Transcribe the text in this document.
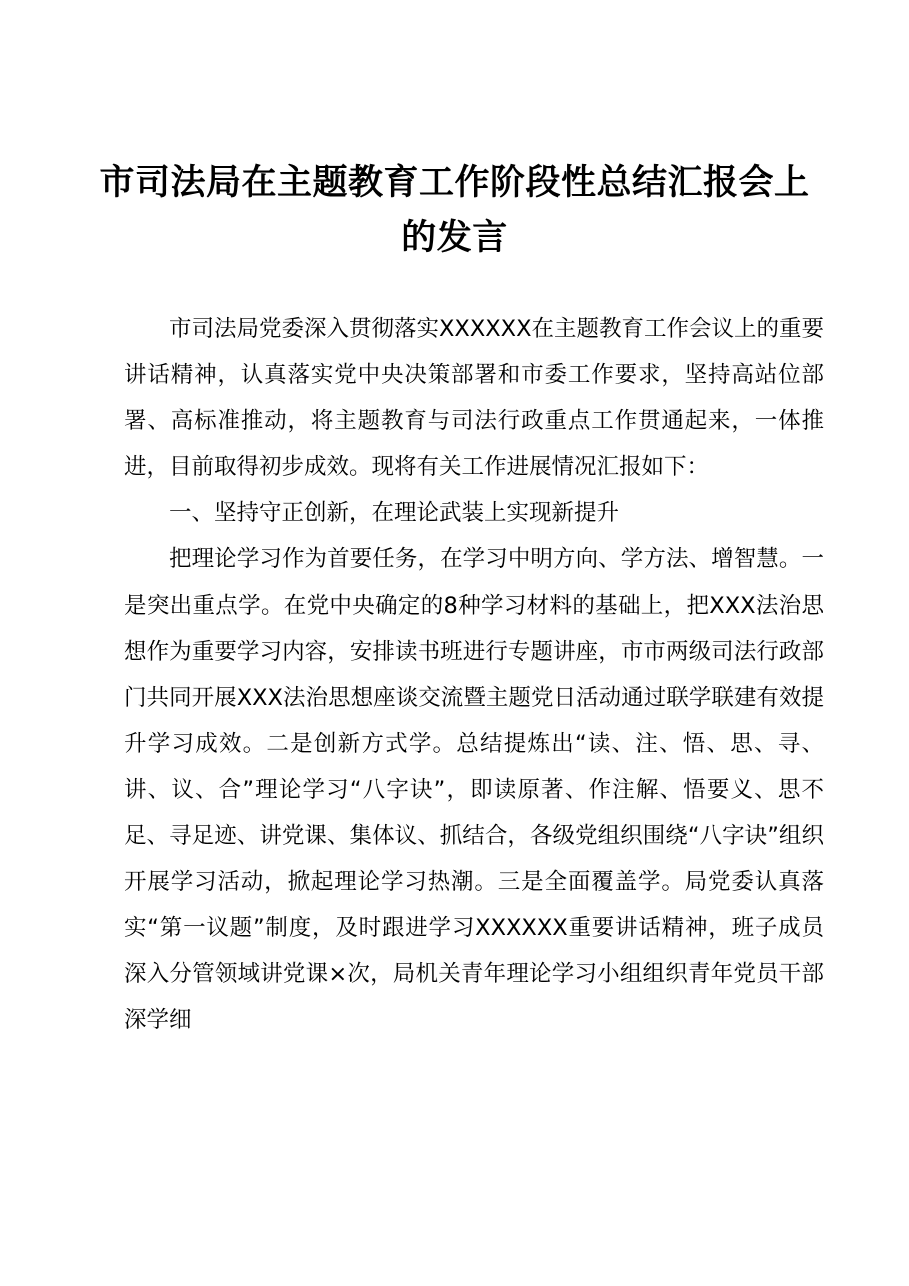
市司法局在主题教育工作阶段性总结汇报会上的发言

市司法局党委深入贯彻落实XXXXXX在主题教育工作会议上的重要讲话精神，认真落实党中央决策部署和市委工作要求，坚持高站位部署、高标准推动，将主题教育与司法行政重点工作贯通起来，一体推进，目前取得初步成效。现将有关工作进展情况汇报如下：

一、坚持守正创新，在理论武装上实现新提升

把理论学习作为首要任务，在学习中明方向、学方法、增智慧。一是突出重点学。在党中央确定的8种学习材料的基础上，把XXX法治思想作为重要学习内容，安排读书班进行专题讲座，市市两级司法行政部门共同开展XXX法治思想座谈交流暨主题党日活动通过联学联建有效提升学习成效。二是创新方式学。总结提炼出“读、注、悟、思、寻、讲、议、合”理论学习“八字诀”，即读原著、作注解、悟要义、思不足、寻足迹、讲党课、集体议、抓结合，各级党组织围绕“八字诀”组织开展学习活动，掀起理论学习热潮。三是全面覆盖学。局党委认真落实“第一议题”制度，及时跟进学习XXXXXX重要讲话精神，班子成员深入分管领域讲党课×次，局机关青年理论学习小组组织青年党员干部深学细
